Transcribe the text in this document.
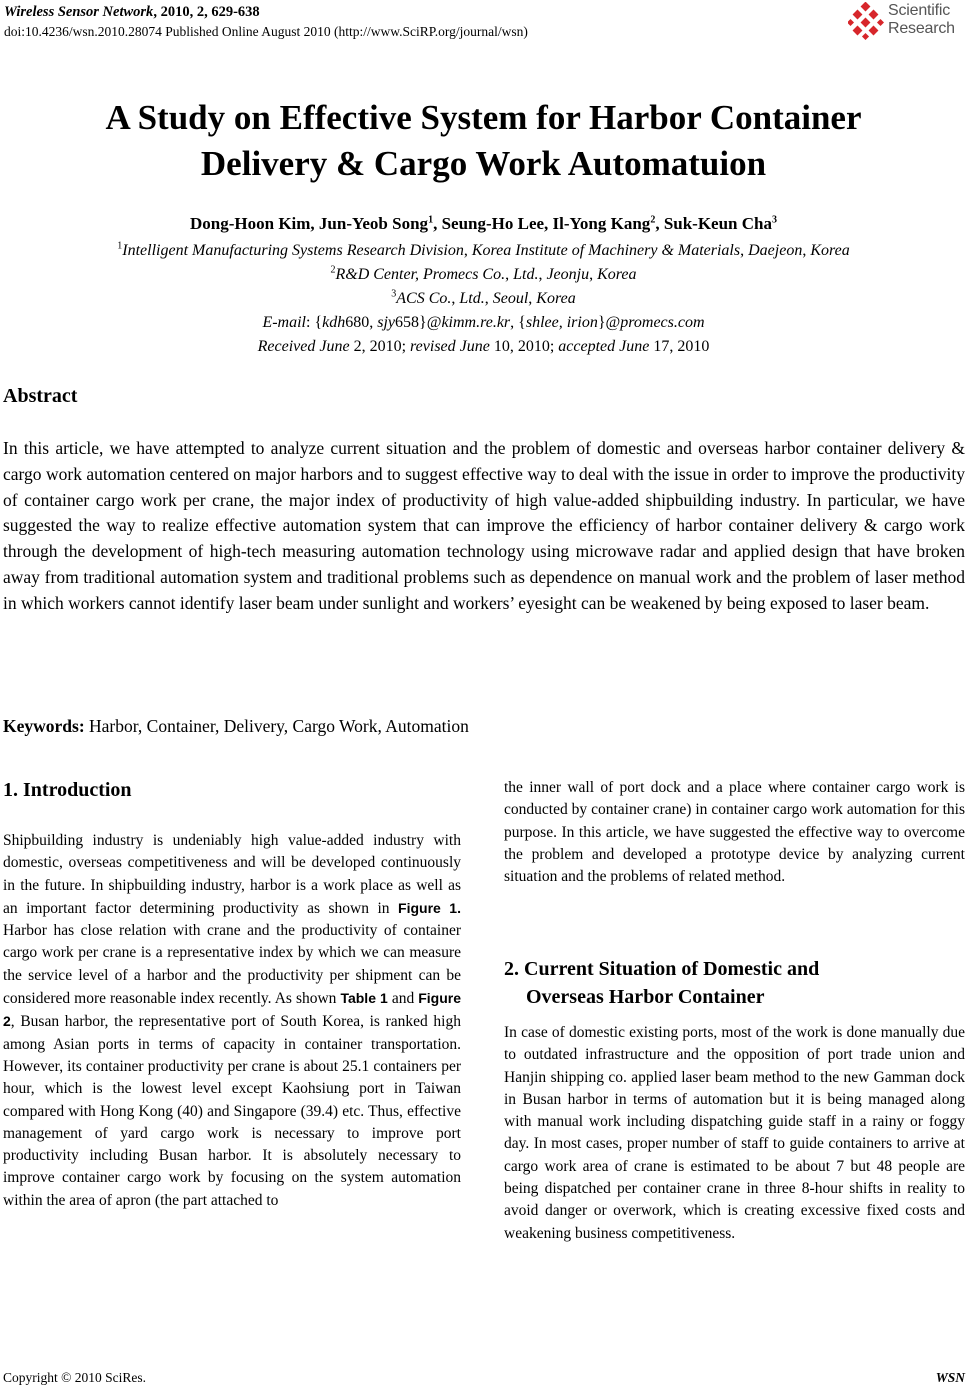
Wireless Sensor Network, 2010, 2, 629-638
doi:10.4236/wsn.2010.28074 Published Online August 2010 (http://www.SciRP.org/journal/wsn)
Scientific
Research
A Study on Effective System for Harbor Container
Delivery & Cargo Work Automatuion
Dong-Hoon Kim, Jun-Yeob Song$^1$, Seung-Ho Lee, Il-Yong Kang$^2$, Suk-Keun Cha$^3$
$^1$Intelligent Manufacturing Systems Research Division, Korea Institute of Machinery & Materials, Daejeon, Korea
$^2$R&D Center, Promecs Co., Ltd., Jeonju, Korea
$^3$ACS Co., Ltd., Seoul, Korea
E-mail: {kdh680, sjy658}@kimm.re.kr, {shlee, irion}@promecs.com
Received June 2, 2010; revised June 10, 2010; accepted June 17, 2010
Abstract
In this article, we have attempted to analyze current situation and the problem of domestic and overseas harbor container delivery & cargo work automation centered on major harbors and to suggest effective way to deal with the issue in order to improve the productivity of container cargo work per crane, the major index of productivity of high value-added shipbuilding industry. In particular, we have suggested the way to realize effective automation system that can improve the efficiency of harbor container delivery & cargo work through the development of high-tech measuring automation technology using microwave radar and applied design that have broken away from traditional automation system and traditional problems such as dependence on manual work and the problem of laser method in which workers cannot identify laser beam under sunlight and workers’ eyesight can be weakened by being exposed to laser beam.
Keywords: Harbor, Container, Delivery, Cargo Work, Automation
1. Introduction
Shipbuilding industry is undeniably high value-added industry with domestic, overseas competitiveness and will be developed continuously in the future. In shipbuilding industry, harbor is a work place as well as an important factor determining productivity as shown in Figure 1. Harbor has close relation with crane and the productivity of container cargo work per crane is a representative index by which we can measure the service level of a harbor and the productivity per shipment can be considered more reasonable index recently. As shown Table 1 and Figure 2, Busan harbor, the representative port of South Korea, is ranked high among Asian ports in terms of capacity in container transportation. However, its container productivity per crane is about 25.1 containers per hour, which is the lowest level except Kaohsiung port in Taiwan compared with Hong Kong (40) and Singapore (39.4) etc. Thus, effective management of yard cargo work is necessary to improve port productivity including Busan harbor. It is absolutely necessary to improve container cargo work by focusing on the system automation within the area of apron (the part attached to
the inner wall of port dock and a place where container cargo work is conducted by container crane) in container cargo work automation for this purpose. In this article, we have suggested the effective way to overcome the problem and developed a prototype device by analyzing current situation and the problems of related method.
2. Current Situation of Domestic and
Overseas Harbor Container
In case of domestic existing ports, most of the work is done manually due to outdated infrastructure and the opposition of port trade union and Hanjin shipping co. applied laser beam method to the new Gamman dock in Busan harbor in terms of automation but it is being managed along with manual work including dispatching guide staff in a rainy or foggy day. In most cases, proper number of staff to guide containers to arrive at cargo work area of crane is estimated to be about 7 but 48 people are being dispatched per container crane in three 8-hour shifts in reality to avoid danger or overwork, which is creating excessive fixed costs and weakening business competitiveness.
Copyright © 2010 SciRes.	WSN
